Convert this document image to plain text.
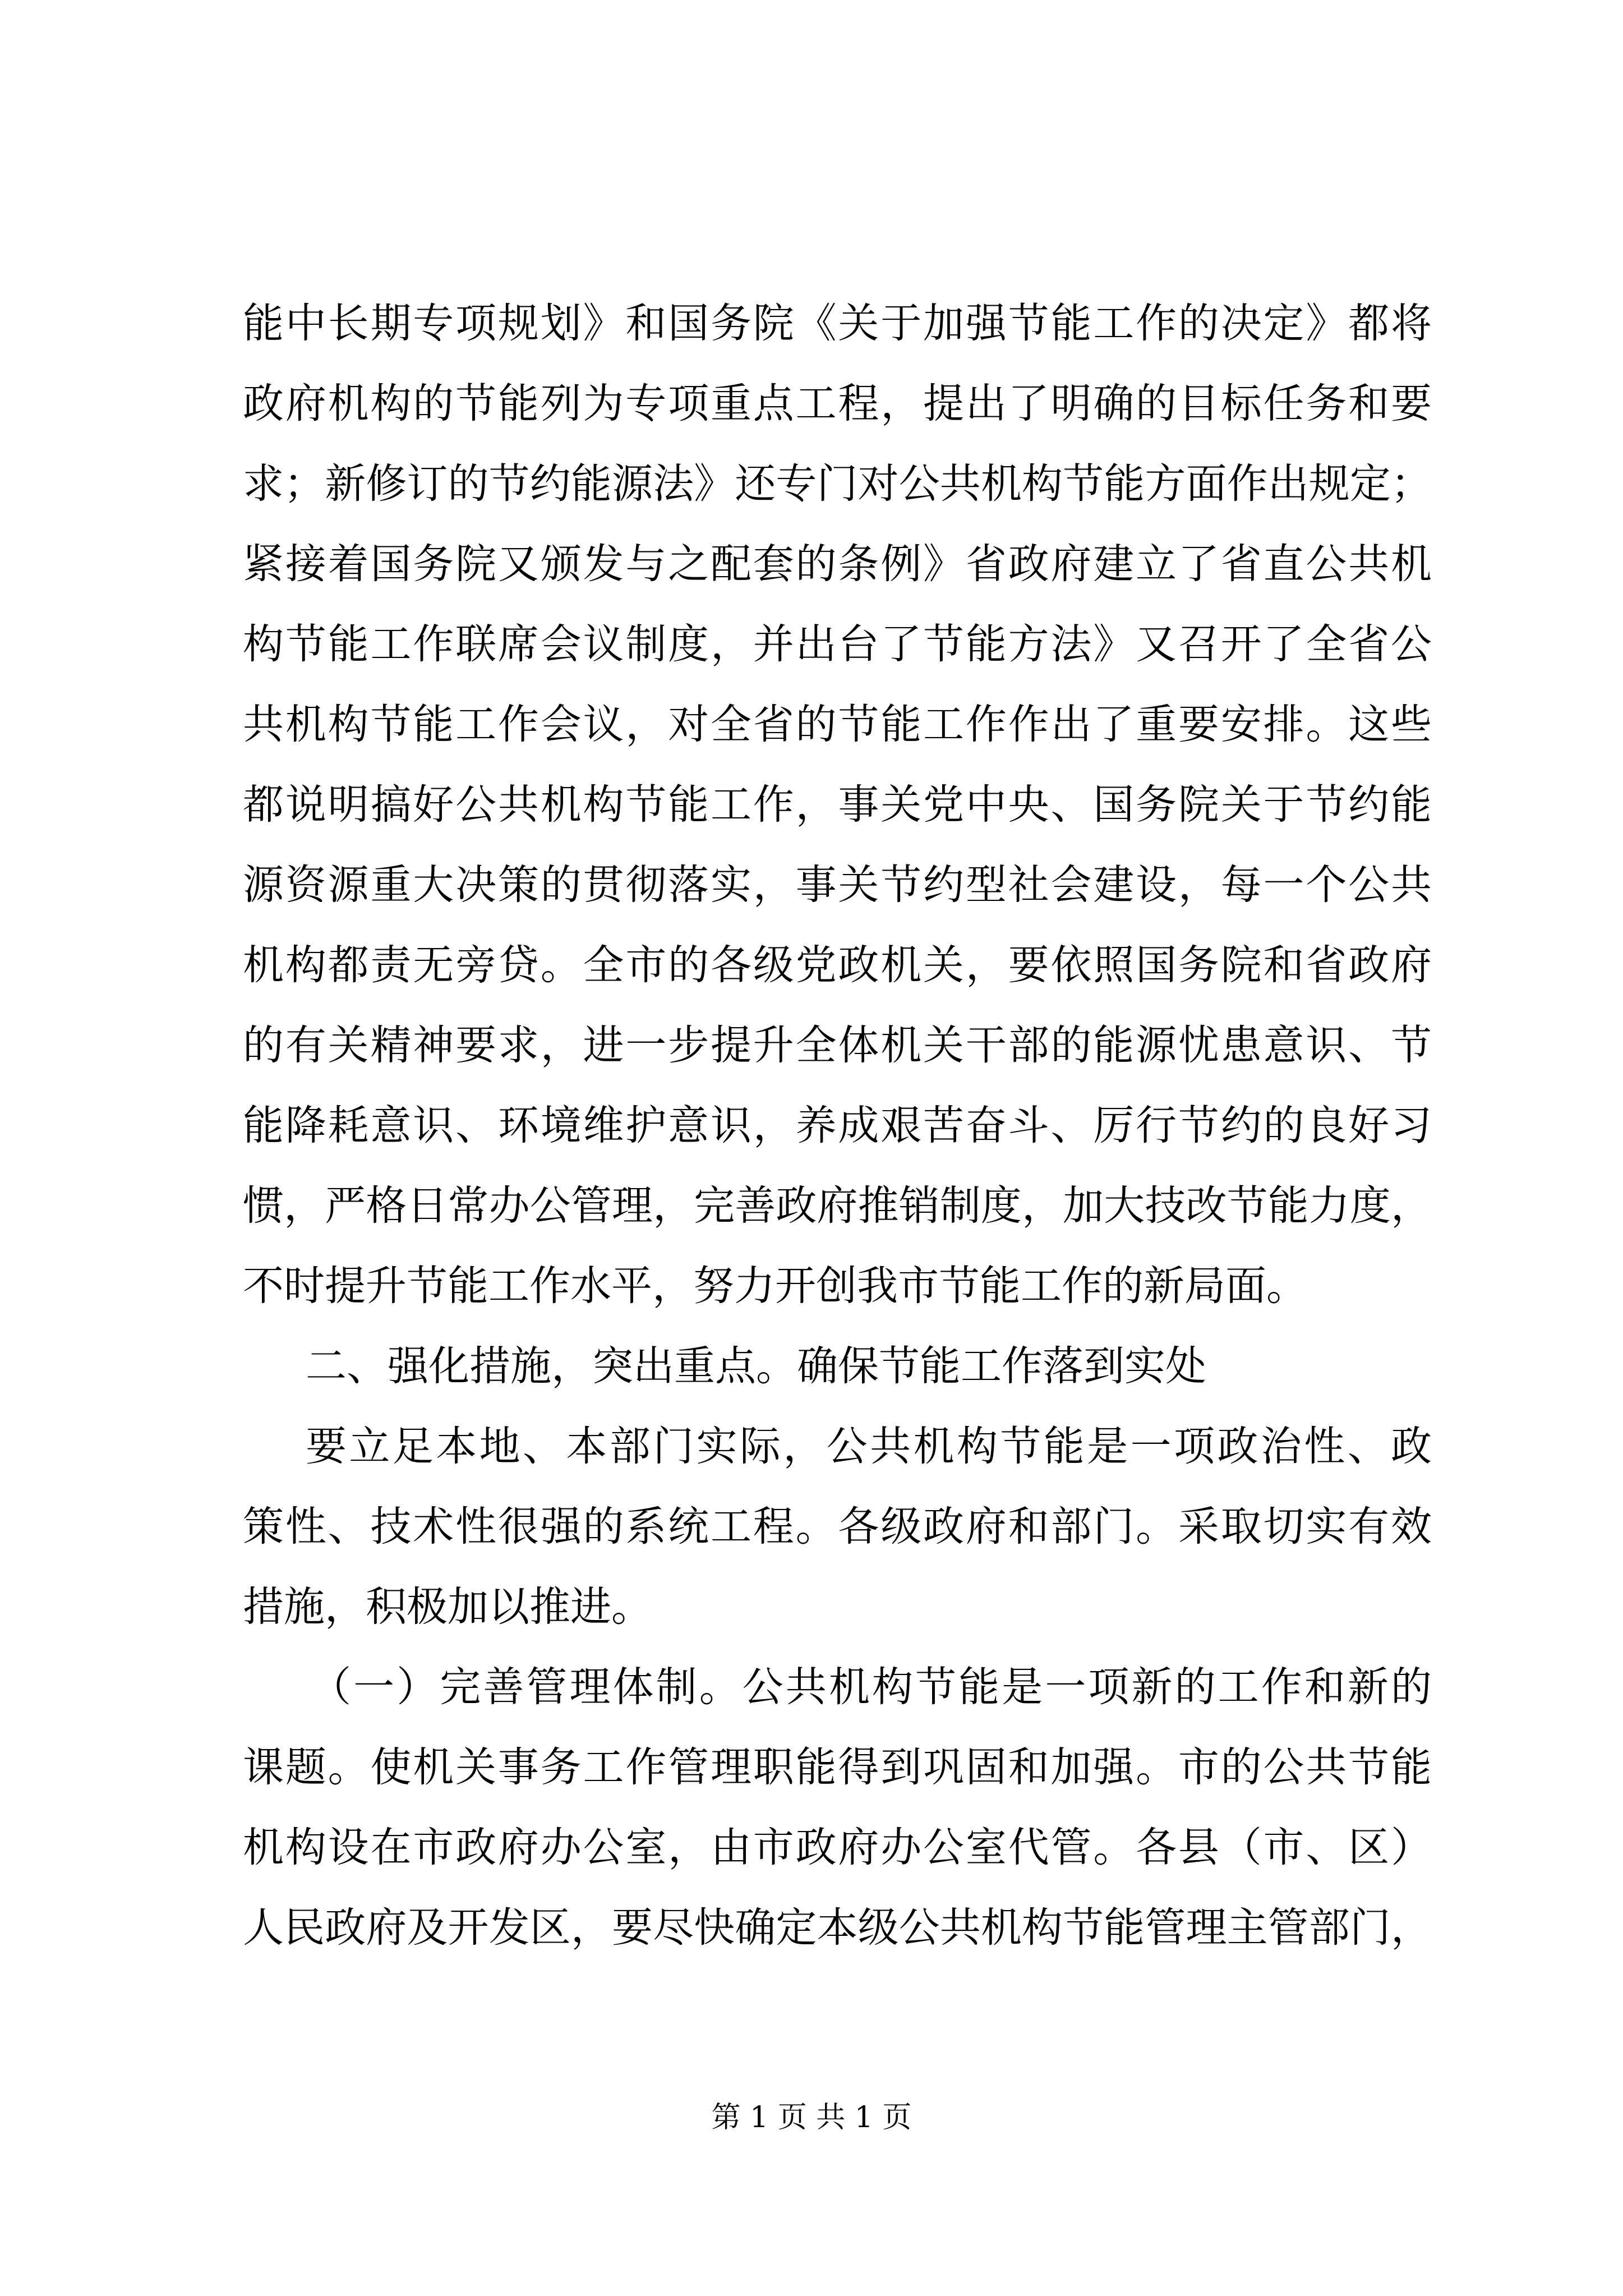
能中长期专项规划》和国务院《关于加强节能工作的决定》都将
政府机构的节能列为专项重点工程，提出了明确的目标任务和要
求；新修订的节约能源法》还专门对公共机构节能方面作出规定；
紧接着国务院又颁发与之配套的条例》省政府建立了省直公共机
构节能工作联席会议制度，并出台了节能方法》又召开了全省公
共机构节能工作会议，对全省的节能工作作出了重要安排。这些
都说明搞好公共机构节能工作，事关党中央、国务院关于节约能
源资源重大决策的贯彻落实，事关节约型社会建设，每一个公共
机构都责无旁贷。全市的各级党政机关，要依照国务院和省政府
的有关精神要求，进一步提升全体机关干部的能源忧患意识、节
能降耗意识、环境维护意识，养成艰苦奋斗、厉行节约的良好习
惯，严格日常办公管理，完善政府推销制度，加大技改节能力度，
不时提升节能工作水平，努力开创我市节能工作的新局面。
二、强化措施，突出重点。确保节能工作落到实处
要立足本地、本部门实际，公共机构节能是一项政治性、政
策性、技术性很强的系统工程。各级政府和部门。采取切实有效
措施，积极加以推进。
（一）完善管理体制。公共机构节能是一项新的工作和新的
课题。使机关事务工作管理职能得到巩固和加强。市的公共节能
机构设在市政府办公室，由市政府办公室代管。各县（市、区）
人民政府及开发区，要尽快确定本级公共机构节能管理主管部门，
第 1 页 共 1 页
